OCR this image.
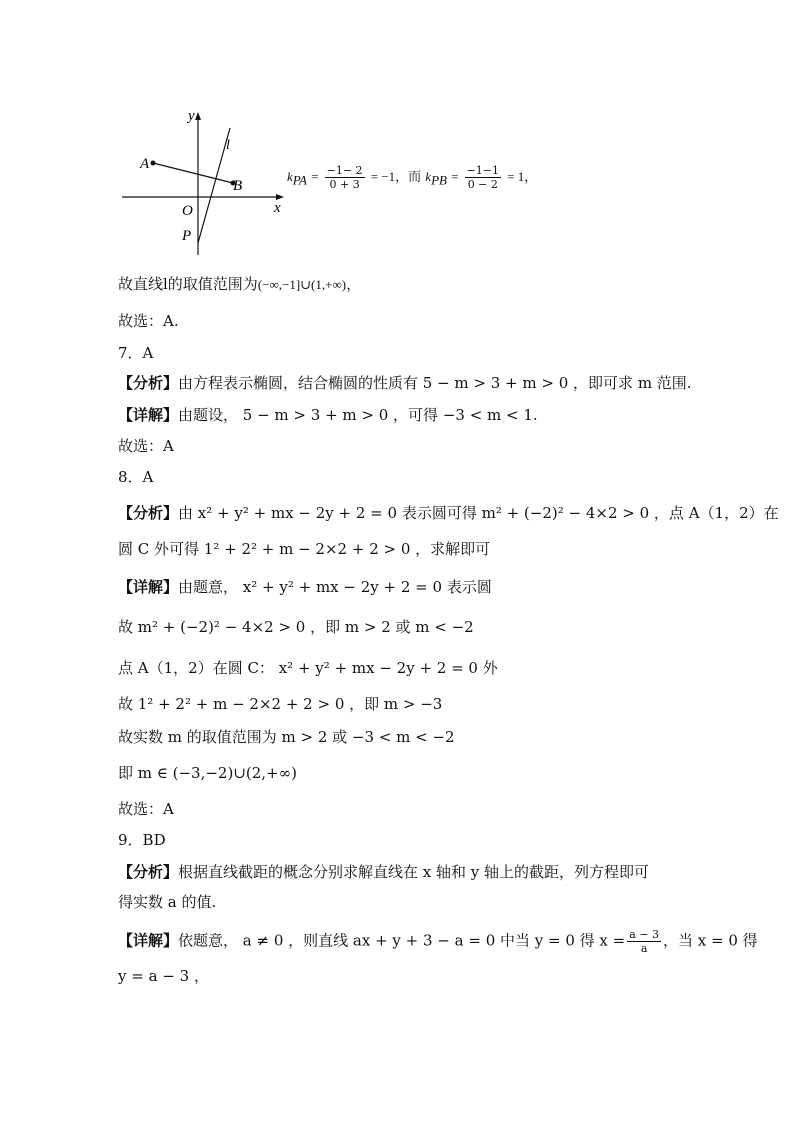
y
x
l
A
B
O
P
$k_{PA} = \frac{-1- 2}{0 + 3} = -1$，而 $k_{PB} = \frac{-1-1}{0 - 2} = 1$，
故直线l的取值范围为(−∞,−1]∪(1,+∞)，
故选：A.
7．A
【分析】由方程表示椭圆，结合椭圆的性质有 5 − m > 3 + m > 0 ，即可求 m 范围.
【详解】由题设， 5 − m > 3 + m > 0 ，可得 −3 < m < 1.
故选：A
8．A
【分析】由 x² + y² + mx − 2y + 2 = 0 表示圆可得 m² + (−2)² − 4×2 > 0 ，点 A（1，2）在
圆 C 外可得 1² + 2² + m − 2×2 + 2 > 0 ，求解即可
【详解】由题意， x² + y² + mx − 2y + 2 = 0 表示圆
故 m² + (−2)² − 4×2 > 0 ，即 m > 2 或 m < −2
点 A（1，2）在圆 C： x² + y² + mx − 2y + 2 = 0 外
故 1² + 2² + m − 2×2 + 2 > 0 ，即 m > −3
故实数 m 的取值范围为 m > 2 或 −3 < m < −2
即 m ∈ (−3,−2)∪(2,+∞)
故选：A
9．BD
【分析】根据直线截距的概念分别求解直线在 x 轴和 y 轴上的截距，列方程即可
得实数 a 的值.
【详解】依题意， a ≠ 0 ，则直线 ax + y + 3 − a = 0 中当 y = 0 得 $x = \frac{a - 3}{a}$ ，当 x = 0 得
y = a − 3 ，
